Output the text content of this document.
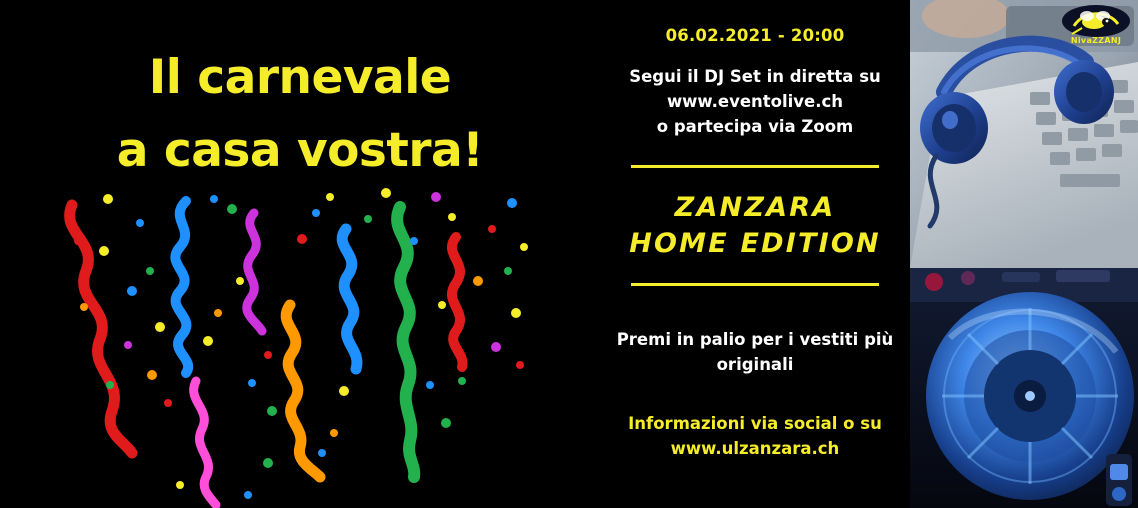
Il carnevale
a casa vostra!
06.02.2021 - 20:00
Segui il DJ Set in diretta su
www.eventolive.ch
o partecipa via Zoom
ZANZARA
HOME EDITION
Premi in palio per i vestiti più
originali
Informazioni via social o su
www.ulzanzara.ch
NivaZZANJ
